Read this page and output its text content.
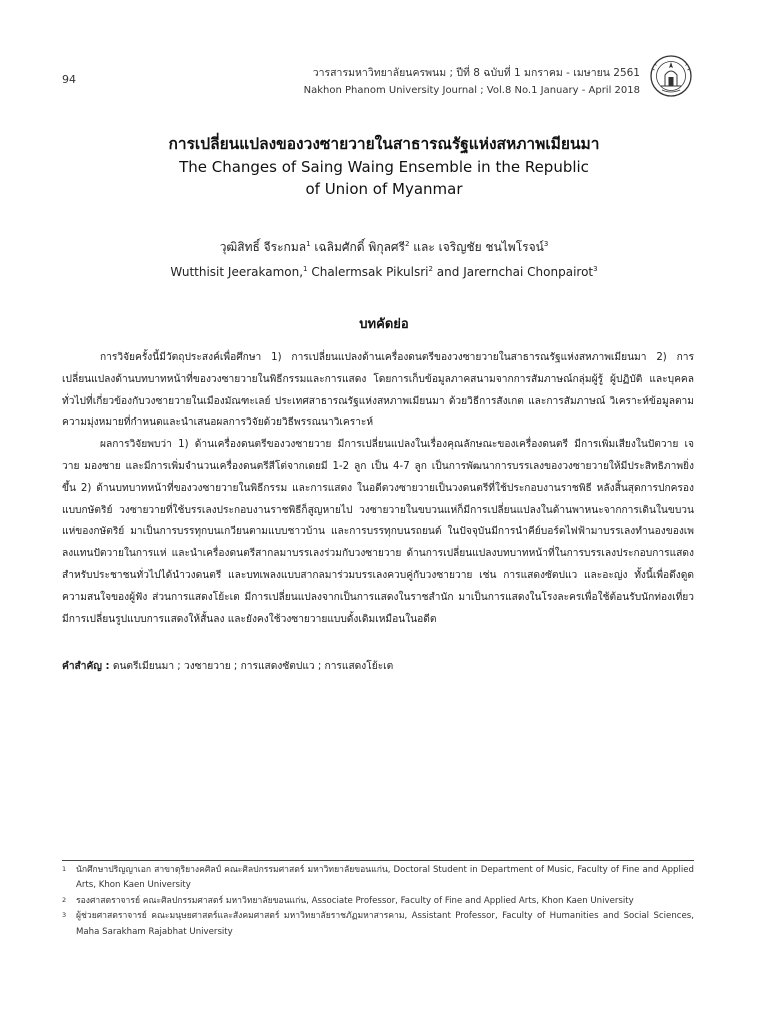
94	วารสารมหาวิทยาลัยนครพนม ; ปีที่ 8 ฉบับที่ 1 มกราคม - เมษายน 2561
Nakhon Phanom University Journal ; Vol.8 No.1 January - April 2018
การเปลี่ยนแปลงของวงซายวายในสาธารณรัฐแห่งสหภาพเมียนมา
The Changes of Saing Waing Ensemble in the Republic
of Union of Myanmar
วุฒิสิทธิ์ จีระกมล$^1$ เฉลิมศักดิ์ พิกุลศรี$^2$ และ เจริญชัย ชนไพโรจน์$^3$
Wutthisit Jeerakamon,$^1$ Chalermsak Pikulsri$^2$ and Jarernchai Chonpairot$^3$
บทคัดย่อ

การวิจัยครั้งนี้มีวัตถุประสงค์เพื่อศึกษา 1) การเปลี่ยนแปลงด้านเครื่องดนตรีของวงซายวายในสาธารณรัฐแห่งสหภาพเมียนมา 2) การเปลี่ยนแปลงด้านบทบาทหน้าที่ของวงซายวายในพิธีกรรมและการแสดง โดยการเก็บข้อมูลภาคสนามจากการสัมภาษณ์กลุ่มผู้รู้ ผู้ปฏิบัติ และบุคคลทั่วไปที่เกี่ยวข้องกับวงซายวายในเมืองมัณฑะเลย์ ประเทศสาธารณรัฐแห่งสหภาพเมียนมา ด้วยวิธีการสังเกต และการสัมภาษณ์ วิเคราะห์ข้อมูลตามความมุ่งหมายที่กำหนดและนำเสนอผลการวิจัยด้วยวิธีพรรณนาวิเคราะห์

ผลการวิจัยพบว่า 1) ด้านเครื่องดนตรีของวงซายวาย มีการเปลี่ยนแปลงในเรื่องคุณลักษณะของเครื่องดนตรี มีการเพิ่มเสียงในปัตวาย เจวาย มองซาย และมีการเพิ่มจำนวนเครื่องดนตรีสีโต่จากเดยมี 1-2 ลูก เป็น 4-7 ลูก เป็นการพัฒนาการบรรเลงของวงซายวายให้มีประสิทธิภาพยิ่งขึ้น 2) ด้านบทบาทหน้าที่ของวงซายวายในพิธีกรรม และการแสดง ในอดีตวงซายวายเป็นวงดนตรีที่ใช้ประกอบงานราชพิธี หลังสิ้นสุดการปกครองแบบกษัตริย์ วงซายวายที่ใช้บรรเลงประกอบงานราชพิธีก็สูญหายไป วงซายวายในขบวนแห่ก็มีการเปลี่ยนแปลงในด้านพาหนะจากการเดินในขบวนแห่ของกษัตริย์ มาเป็นการบรรทุกบนเกวียนตามแบบชาวบ้าน และการบรรทุกบนรถยนต์ ในปัจจุบันมีการนำคีย์บอร์ดไฟฟ้ามาบรรเลงทำนองของเพลงแทนปัตวายในการแห่ และนำเครื่องดนตรีสากลมาบรรเลงร่วมกับวงซายวาย ด้านการเปลี่ยนแปลงบทบาทหน้าที่ในการบรรเลงประกอบการแสดงสำหรับประชาชนทั่วไปได้นำวงดนตรี และบทเพลงแบบสากลมาร่วมบรรเลงควบคู่กับวงซายวาย เช่น การแสดงซัตปแว และอะญ่ง ทั้งนี้เพื่อดึงดูดความสนใจของผู้ฟัง ส่วนการแสดงโย้ะเต มีการเปลี่ยนแปลงจากเป็นการแสดงในราชสำนัก มาเป็นการแสดงในโรงละครเพื่อใช้ต้อนรับนักท่องเที่ยว มีการเปลี่ยนรูปแบบการแสดงให้สั้นลง และยังคงใช้วงซายวายแบบดั้งเดิมเหมือนในอดีต

คำสำคัญ : ดนตรีเมียนมา ; วงซายวาย ; การแสดงซัตปแว ; การแสดงโย้ะเต
1	นักศึกษาปริญญาเอก สาขาดุริยางคศิลป์ คณะศิลปกรรมศาสตร์ มหาวิทยาลัยขอนแก่น, Doctoral Student in Department of Music, Faculty of Fine and Applied Arts, Khon Kaen University
2	รองศาสตราจารย์ คณะศิลปกรรมศาสตร์ มหาวิทยาลัยขอนแก่น, Associate Professor, Faculty of Fine and Applied Arts, Khon Kaen University
3	ผู้ช่วยศาสตราจารย์ คณะมนุษยศาสตร์และสังคมศาสตร์ มหาวิทยาลัยราชภัฏมหาสารคาม, Assistant Professor, Faculty of Humanities and Social Sciences, Maha Sarakham Rajabhat University
